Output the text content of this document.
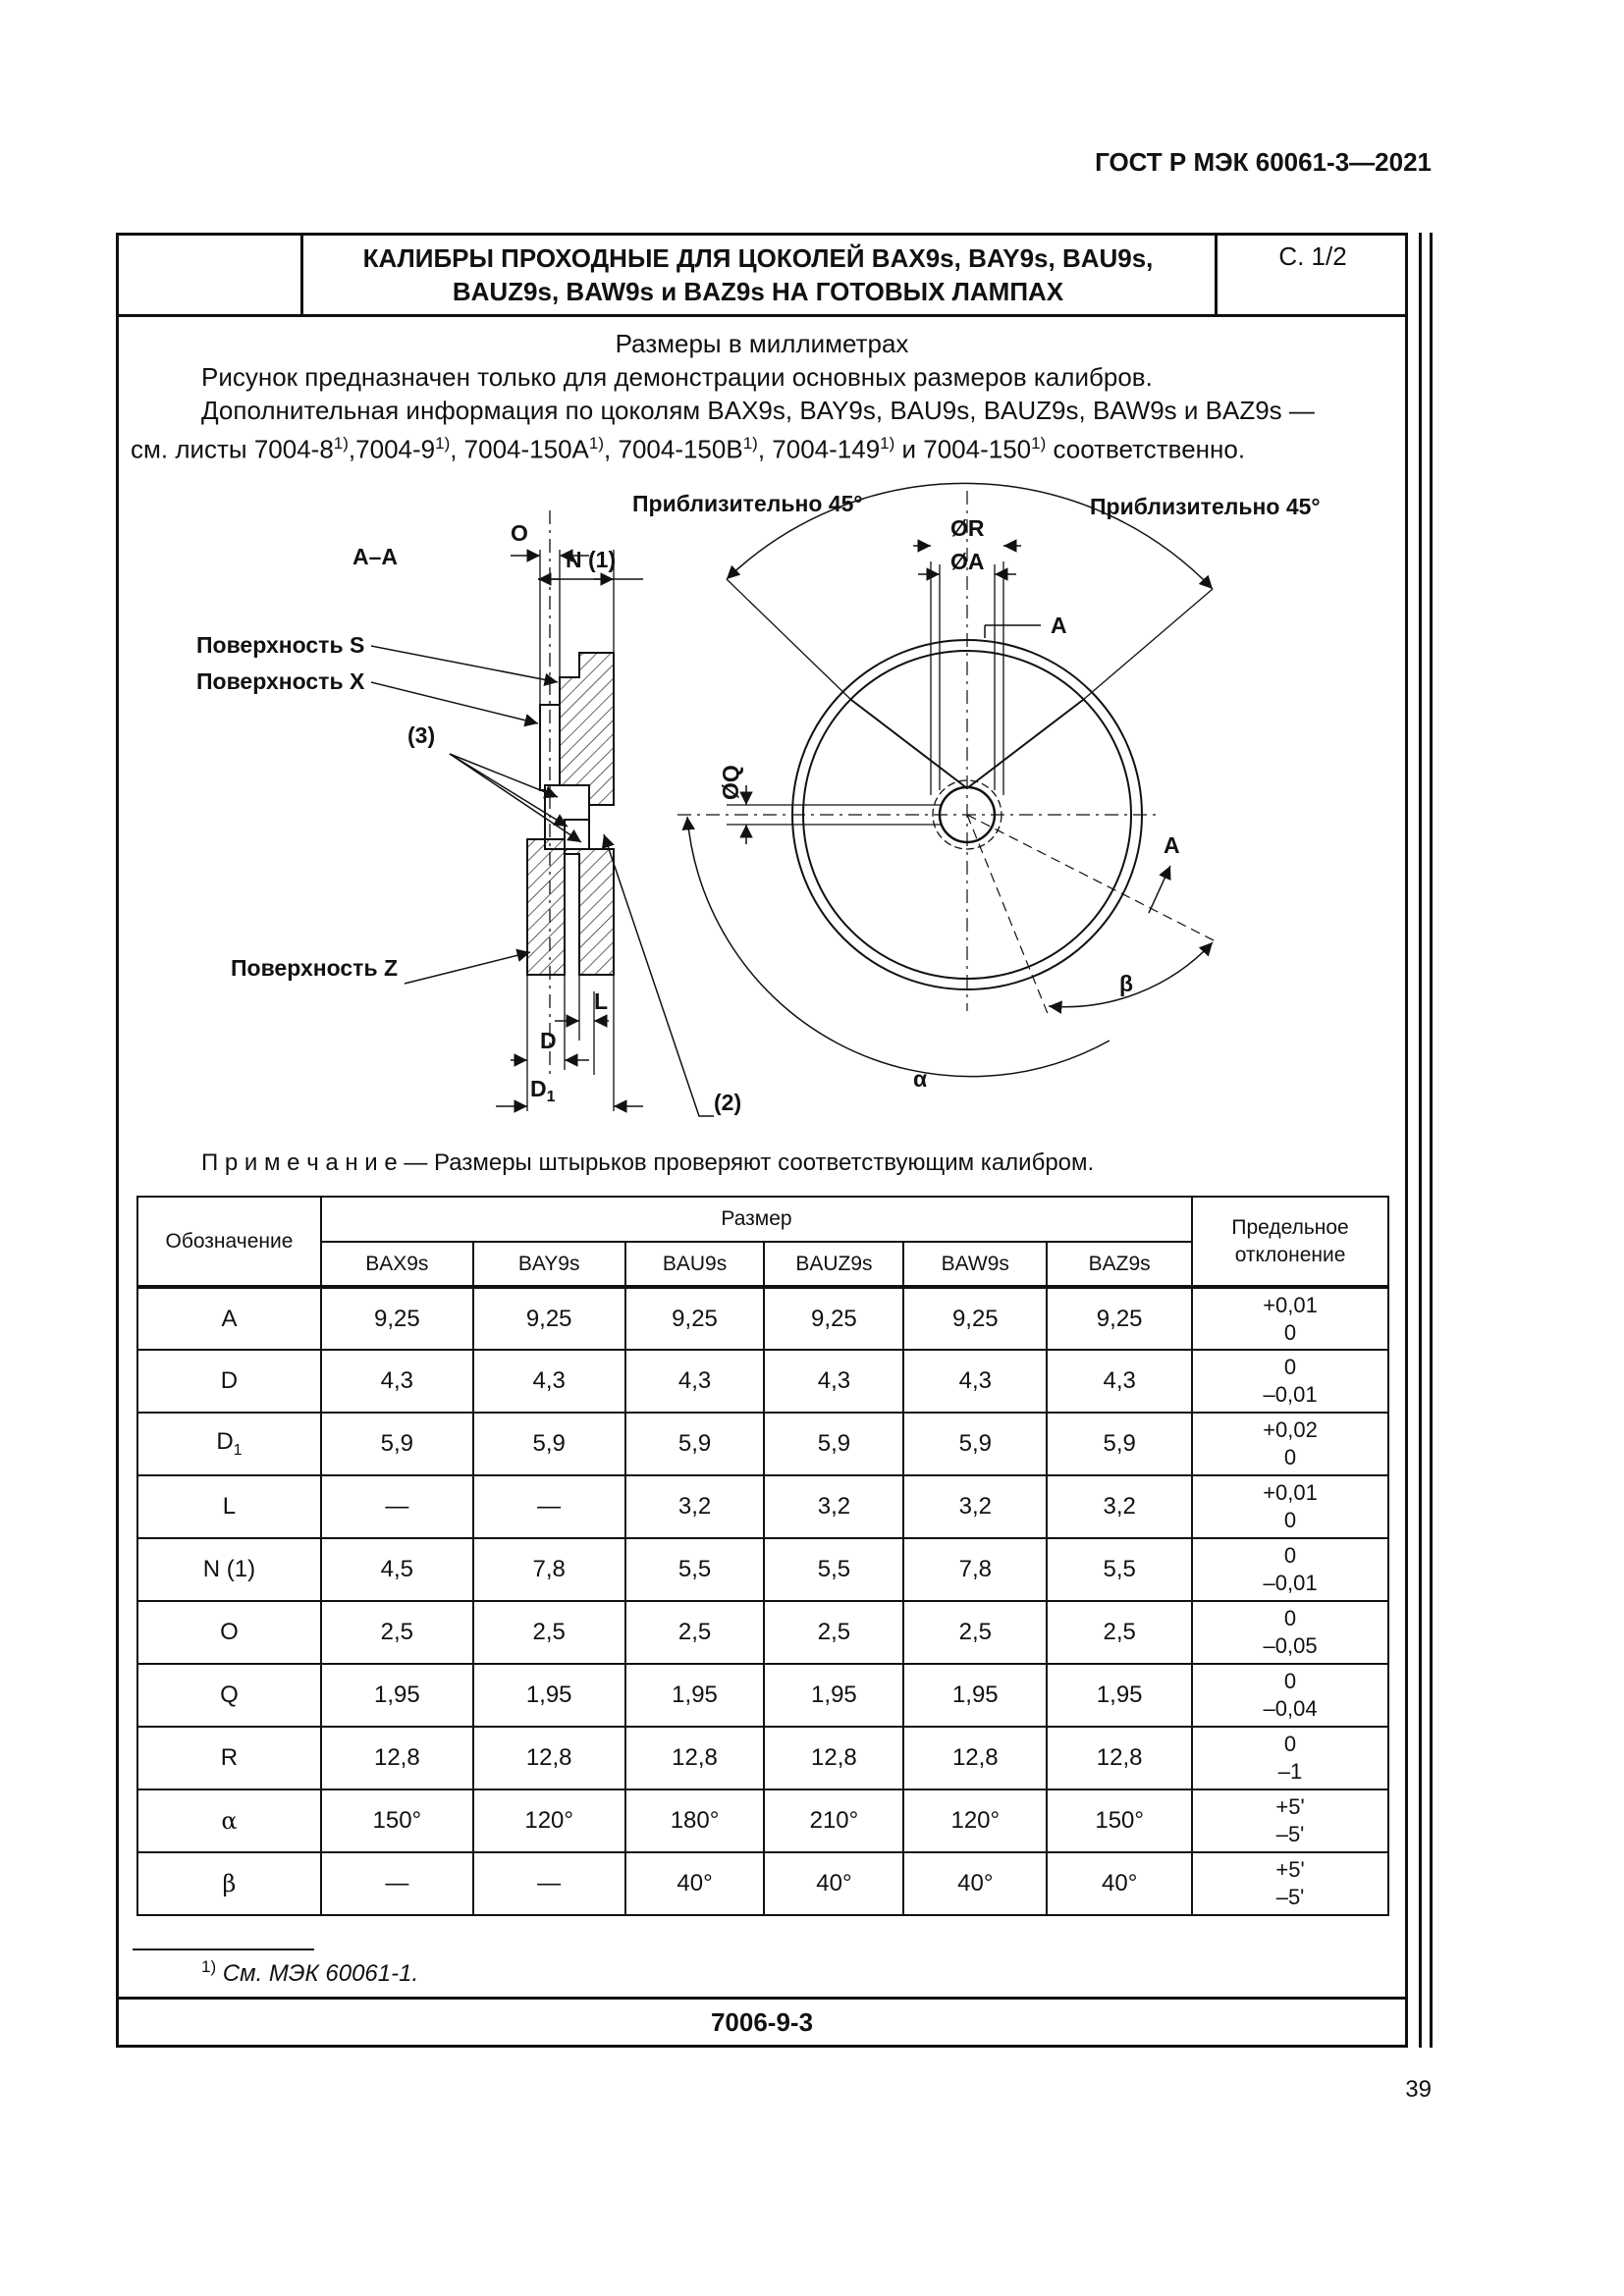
ГОСТ Р МЭК 60061-3—2021
КАЛИБРЫ ПРОХОДНЫЕ ДЛЯ ЦОКОЛЕЙ BAX9s, BAY9s, BAU9s,
BAUZ9s, BAW9s и BAZ9s НА ГОТОВЫХ ЛАМПАХ
С. 1/2
Размеры в миллиметрах
Рисунок предназначен только для демонстрации основных размеров калибров.
Дополнительная информация по цоколям BAX9s, BAY9s, BAU9s, BAUZ9s, BAW9s и BAZ9s —
см. листы 7004-8$^{1)}$,7004-9$^{1)}$, $7004-150A^{1)}$, $7004-150B^{1)}$, 7004-149$^{1)}$ и 7004-150$^{1)}$ соответственно.
A–A
Поверхность S
Поверхность X
(3)
Поверхность Z
O
N (1)
L
D
$D_1$	(2)
Приблизительно 45°	Приблизительно 45°
ØR
ØA
A
A
β
α
ØQ
П р и м е ч а н и е — Размеры штырьков проверяют соответствующим калибром.
Обозначение	Размер						Предельное отклонение
	BAX9s	BAY9s	BAU9s	BAUZ9s	BAW9s	BAZ9s	
A	9,25	9,25	9,25	9,25	9,25	9,25	+0,01
0

D	4,3	4,3	4,3	4,3	4,3	4,3	0
–0,01

$D_1$	5,9	5,9	5,9	5,9	5,9	5,9	+0,02
0

L	—	—	3,2	3,2	3,2	3,2	+0,01
0

N (1)	4,5	7,8	5,5	5,5	7,8	5,5	0
–0,01

O	2,5	2,5	2,5	2,5	2,5	2,5	0
–0,05

Q	1,95	1,95	1,95	1,95	1,95	1,95	0
–0,04

R	12,8	12,8	12,8	12,8	12,8	12,8	0
–1

α	150°	120°	180°	210°	120°	150°	+5'
–5'

β	—	—	40°	40°	40°	40°	+5'
–5'
$^{1)}$ См. МЭК 60061-1.
7006-9-3
39
